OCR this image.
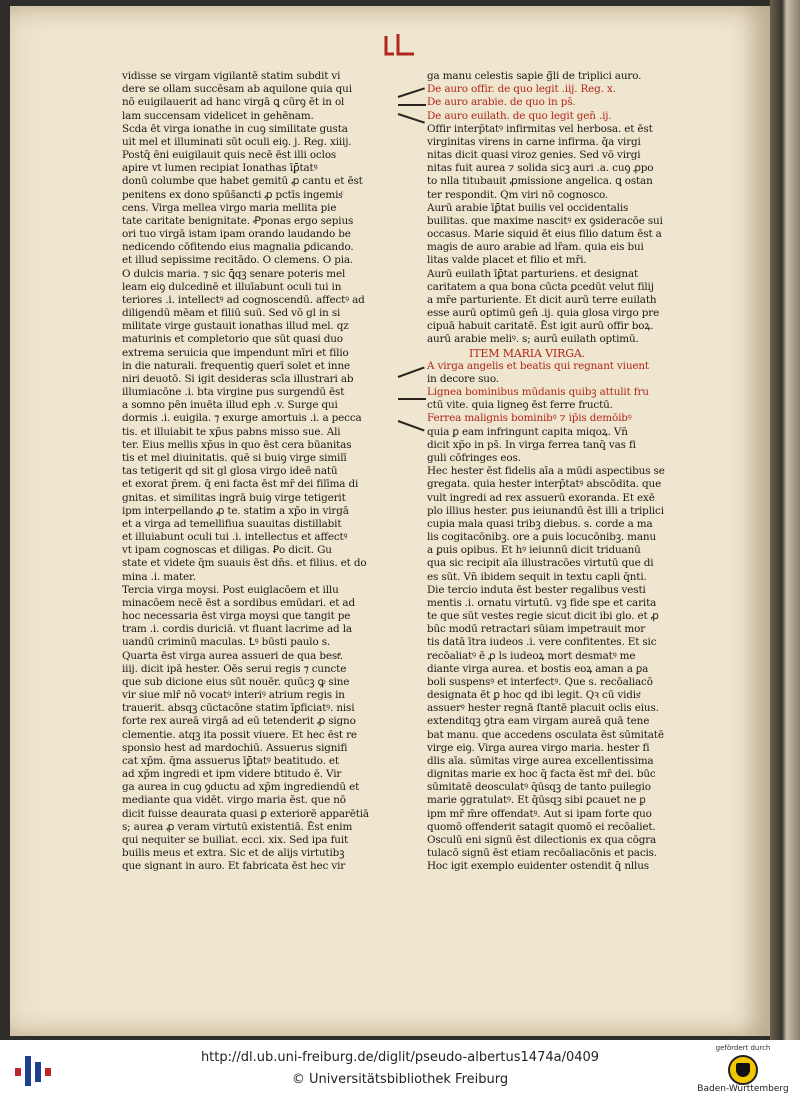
l
vidisse se virgam vigilantē statim subdit vi
dere se ollam succēsam ab aquilone quia qui
nō euigilauerit ad hanc virgā ꝗ cūrꝯ ēt in ol
lam succensam videlicet in gehēnam.
Scd̄a ēt virga ionathe in cuꝯ similitate gusta
uit mel et illuminati sūt oculi eiꝯ. j. Reg. xiiij.
Postq̄ ēni euigilauit quis necē ēst illi ocl̄os
apire vt lumen recipiat Ionathas īꝑ̄tatꝰ
donū columbe que habet gemitū ꝓ cantu et ēst
penitens ex dono spūs̄ancti ꝓ pctīs ingemisͨ
cens. Virga mellea virgo maria mellita pie
tate caritate benignitate. Ꝓponas ergo sepius
ori tuo virgā istam ipam orando laudando be
nedicendo cōfitendo eius magnalia ꝑdicando.
et illud sepissime recitādo. O clemens. O pia.
O dulcis maria. ⁊ sic ꝗ̄qꝫ senare poteris mel
leam eiꝯ dulcedinē et illuīabunt oculi tui in
teriores .i. intellectꝰ ad cognoscendū. affectꝰ ad
diligendū mēam et filiū suū. Sed vō gl̄ in si
militate virge gustauit ionathas illud mel. qz
maturinis et completorio que sūt quasi duo
extrema seruicia que impendunt mīri et filio
in die naturali. frequentiꝯ querī solet et inne
niri deuotō. Si igit̄ desideras scīa illustrari ab
illumiacōne .i. bt̄a virgine pus surgendū ēst
a somno pēn inuēta illud eph .v. Surge qui
dormis .i. euigila. ⁊ exurge amortuis .i. a pecca
tis. et illuiabit te xp̄us pab̄ns misso sue. Ali
ter. Eius mellis xp̄us in quo ēst cera būanitas
tis et mel diuinitatis. quē si buiꝯ virge similī
tas tetigerit qd̄ sit gl̄ glosa virgo ideē natū
et exorat p̄rem. q̄ eni facta ēst mr̄ dei filīma di
gnitas. et similitas ingrā buiꝯ virge tetigerit
ipm interpellando ꝓ te. statim a xp̄o in virgā
et a virga ad temellifiua suauitas distillabit
et illuiabunt oculi tui .i. intellectus et affectꝰ
vt ipam cognoscas et diligas. Ꝑo dicit. Gu
state et videte q̄m suauis ēst dn̄s. et filius. et do
mina .i. mater.
Tercia virga moysi. Post euiglacōem et illu
minacōem necē ēst a sordibus emūdari. et ad
hoc necessaria ēst virga moysi que tangit pe
tram .i. cordis duriciā. vt fluant lacrime ad la
uandū criminū maculas. Ꝉꝰ būsti paulo s.
Quarta ēst virga aurea assueri de qua bestͤ.
iiij. dicit ipā hester. Oēs serui regis ⁊ cuncte
que sub dicione eius sūt nouēr. quūcꝫ ꝙ sine
vir siue mlr̄ nō vocatꝰ interiꝰ atrium regis in
trauerit. absqꝫ cūctacōne statim īꝑficiatꝰ. nisi
forte rex aureā virgā ad eū tetenderit ꝓ signo
clementie. atqꝫ ita possit viuere. Et hec ēst re
sponsio hest̄ ad mardochiū. Assuerus signifi
cat xp̄m. q̄ma assuerus īꝑ̄tatꝰ beatitudo. et
ad xp̄m ingredi et ipm videre btitudo ē. Vir
ga aurea in cuꝯ ꝯductu ad xp̄m ingrediendū et
mediante qua vidēt. virgo maria ēst. que nō
dicit fuisse deaurata quasi ꝑ exteriorē apparētiā
s; aurea ꝓ veram virtutū existentiā. Ēst enim
qui nequiter se builiat. ecci. xix. Sed ipa fuit
builis meus et extra. Sic et de alijs virtutibꝫ
que signant in auro. Et fabricata ēst hec vir
ga manu celestis sapie ḡ̄li de triplici auro.
De auro offir. de quo legit̄ .iij. Reg. x.
De auro arabie. de quo in ps̄.
De auro euilath. de quo legit̄ gen̄ .ij.
Offir interp̄tatꝰ infirmitas vel herbosa. et ēst
virginitas virens in carne infirma. q̄a virgi
nitas dicit̄ quasi viroz genies. Sed vō virgi
nitas fuit aurea ⁊ solida sicꝫ auri .a. cuꝯ ꝓpo
to nl̄la titubauit ꝓmissione angelica. ꝗ ostan
ter respondit. Q̄m viri nō cognosco.
Aurū arabie īꝑ̄tat̄ builis vel occidentalis
builitas. que maxime nascitꝰ ex ꝯsideracōe sui
occasus. Marie siquid ēt eius filio datum ēst a
magis de auro arabie ad lr̄am. quia eis bui
litas valde placet et filio et mr̄i.
Aurū euilath īꝑ̄tat̄ parturiens. et designat
caritatem a qua bona cūcta ꝑcedūt velut filij
a mr̄e parturiente. Et dicit̄ aurū terre euilath
esse aurū optimū gen̄ .ij. quia gl̄osa virgo pre
cipuā habuit caritatē. Ēst igit̄ aurū offir boꝝ.
aurū arabie meliꝰ. s; aurū euilath optimū.
ITEM MARIA VIRGA.
A virga angelis et beatis qui regnant viuent
in decore suo.
Lignea bominibus mūdanis quibꝫ attulit fru
ctū vite. quia ligneꝯ ēst ferre fructū.
Ferrea malignis bominibꝰ ⁊ ip̄is demōibꝰ
quia ꝑ eam infringunt̄ capita miqoꝝ. Vn̄
dicit̄ xp̄o in ps̄. In virga ferrea tanq̄ vas fi
guli cōfringes eos.
Hec hester ēst fidelis aīa a mūdi aspectibus se
gregata. quia hester interp̄tatꝰ abscōdita. que
vult ingredi ad rex assuerū exoranda. Et exē
plo illius hester. ꝑus ieiunandū ēst illi a triplici
cupia mala quasi tribꝫ diebus. s. corde a ma
lis cogitacōnibꝫ. ore a ꝑuis locucōnibꝫ. manu
a ꝑuis opibus. Et hꝰ ieiunnū dicit̄ triduanū
qua sic recipit aīa illustracōes virtutū que di
es sūt. Vn̄ ibidem sequit̄ in textu capl̄i q̄nti.
Die tercio induta ēst bester regalibus vesti
mentis .i. ornatu virtutū. vꝫ fide spe et carita
te que sūt vestes regie sicut dicit̄ ibi gl̄o. et ꝓ
būc modū retractari sūiam impetrauit mor
tis datā ītra iudeos .i. vere confitentes. Et sic
recōaliatꝰ ē ꝓ l̄s iudeoꝝ mort desmatꝰ me
diante virga aurea. et bostis eoꝝ aman a ꝑa
bol̄i suspensꝰ et interfectꝰ. Que s. recōaliacō
designata ēt ꝑ hoc qd̄ ibi legit̄. Qꝛ cū vidisͭ
assuerꝰ hester regnā ſtantē placuit ocl̄is eius.
extenditqꝫ ꝯtra eam virgam aureā quā tene
bat manu. que accedens osculata ēst sūmitatē
virge eiꝯ. Virga aurea virgo maria. hester fi
d̄lis aīa. sūmitas virge aurea excellentissima
dignitas marie ex hoc q̄ facta ēst mr̄ dei. būc
sūmitatē deosculatꝰ q̄ūsqꝫ de tanto puilegio
marie ꝯgratulatꝰ. Et q̄ūsqꝫ sibi ꝑcauet ne ꝑ
ipm mr̄ m̄re offendatꝰ. Aut si ipam forte quo
quomō offenderit satagit quomō ei recōaliet.
Osculū eni signū ēst dilectionis ex qua cōgra
tulacō signū ēst etiam recōaliacōnis et pacis.
Hoc igit̄ exemplo euidenter ostendit̄ q̄ nl̄lus
http://dl.ub.uni-freiburg.de/diglit/pseudo-albertus1474a/0409
© Universitätsbibliothek Freiburg
gefördert durch
Baden-Württemberg
